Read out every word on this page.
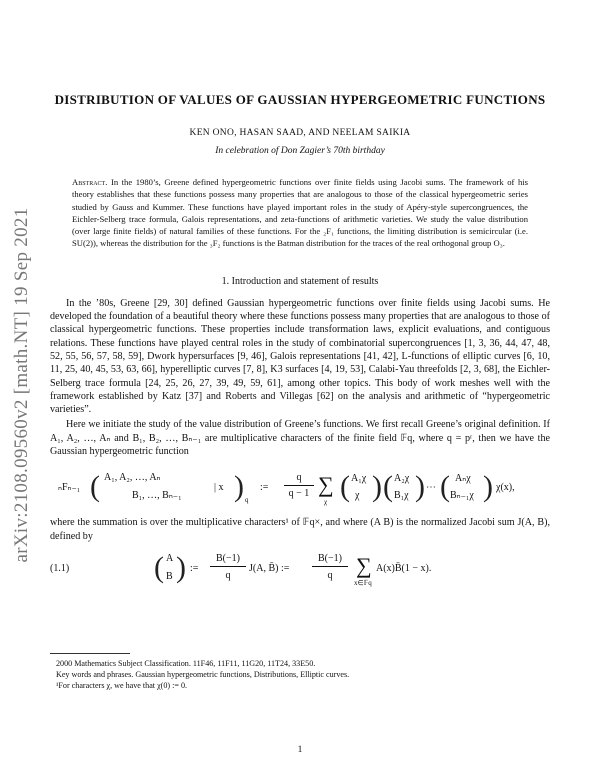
arXiv:2108.09560v2 [math.NT] 19 Sep 2021
DISTRIBUTION OF VALUES OF GAUSSIAN HYPERGEOMETRIC FUNCTIONS
KEN ONO, HASAN SAAD, AND NEELAM SAIKIA
In celebration of Don Zagier’s 70th birthday
Abstract. In the 1980’s, Greene defined hypergeometric functions over finite fields using Jacobi sums. The framework of his theory establishes that these functions possess many properties that are analogous to those of the classical hypergeometric series studied by Gauss and Kummer. These functions have played important roles in the study of Apéry-style supercongruences, the Eichler-Selberg trace formula, Galois representations, and zeta-functions of arithmetic varieties. We study the value distribution (over large finite fields) of natural families of these functions. For the ₂F₁ functions, the limiting distribution is semicircular (i.e. SU(2)), whereas the distribution for the ₃F₂ functions is the Batman distribution for the traces of the real orthogonal group O₃.
1. Introduction and statement of results
In the ’80s, Greene [29, 30] defined Gaussian hypergeometric functions over finite fields using Jacobi sums. He developed the foundation of a beautiful theory where these functions possess many properties that are analogous to those of classical hypergeometric functions. These properties include transformation laws, explicit evaluations, and contiguous relations. These functions have played central roles in the study of combinatorial supercongruences [1, 3, 36, 44, 47, 48, 52, 55, 56, 57, 58, 59], Dwork hypersurfaces [9, 46], Galois representations [41, 42], L-functions of elliptic curves [6, 10, 11, 25, 40, 45, 53, 63, 66], hyperelliptic curves [7, 8], K3 surfaces [4, 19, 53], Calabi-Yau threefolds [2, 3, 68], the Eichler-Selberg trace formula [24, 25, 26, 27, 39, 49, 59, 61], among other topics. This body of work meshes well with the framework established by Katz [37] and Roberts and Villegas [62] on the analysis and arithmetic of “hypergeometric varieties”.
Here we initiate the study of the value distribution of Greene’s functions. We first recall Greene’s original definition. If A₁, A₂, …, Aₙ and B₁, B₂, …, Bₙ₋₁ are multiplicative characters of the finite field 𝔽q, where q = pʳ, then we have the Gaussian hypergeometric function
ₙFₙ₋₁ ( A₁, A₂, …, Aₙ
B₁, …, Bₙ₋₁
| x ) q
:=
q
q − 1 ∑
χ ( A₁χ
χ ) ( A₂χ
B₁χ ) ⋯ ( Aₙχ
Bₙ₋₁χ ) χ(x),
where the summation is over the multiplicative characters¹ of 𝔽q×, and where (A B) is the normalized Jacobi sum J(A, B), defined by
(1.1)	( A
B ) :=
B(−1)
q
J(A, B̄) :=
B(−1)
q	∑
x∈𝔽q
A(x)B̄(1 − x).
2000 Mathematics Subject Classification. 11F46, 11F11, 11G20, 11T24, 33E50.
Key words and phrases. Gaussian hypergeometric functions, Distributions, Elliptic curves.
¹For characters χ, we have that χ(0) := 0.
1
